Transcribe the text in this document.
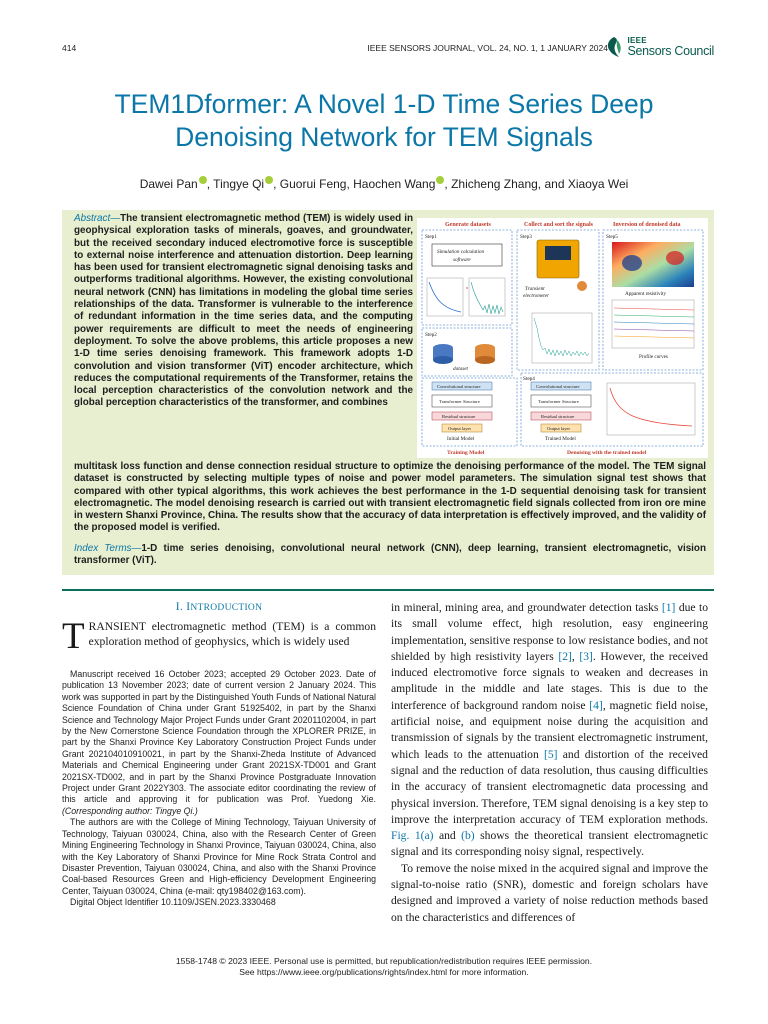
414	IEEE SENSORS JOURNAL, VOL. 24, NO. 1, 1 JANUARY 2024
IEEE
Sensors Council
TEM1Dformer: A Novel 1-D Time Series Deep
Denoising Network for TEM Signals
Dawei Pan , Tingye Qi , Guorui Feng, Haochen Wang , Zhicheng Zhang, and Xiaoya Wei
Abstract—The transient electromagnetic method (TEM) is widely used in geophysical exploration tasks of minerals, goaves, and groundwater, but the received secondary induced electromotive force is susceptible to external noise interference and attenuation distortion. Deep learning has been used for transient electromagnetic signal denoising tasks and outperforms traditional algorithms. However, the existing convolutional neural network (CNN) has limitations in modeling the global time series relationships of the data. Transformer is vulnerable to the interference of redundant information in the time series data, and the computing power requirements are difficult to meet the needs of engineering deployment. To solve the above problems, this article proposes a new 1-D time series denoising framework. This framework adopts 1-D convolution and vision transformer (ViT) encoder architecture, which reduces the computational requirements of the Transformer, retains the local perception characteristics of the convolution network and the global perception characteristics of the transformer, and combines
Generate datasets	Collect and sort the signals	Inversion of denoised data
Step1
Simulation calculation
software
Step2
dataset
Step3
Transient
electrometer
Step5
Apparent resistivity
Profile curves
Convolutional structure
Transformer Structure
Residual structure
Output layer
Initial Model
Step4
Convolutional structure
Transformer Structure
Residual structure
Output layer
Trained Model
Training Model	Denoising with the trained model
multitask loss function and dense connection residual structure to optimize the denoising performance of the model. The TEM signal dataset is constructed by selecting multiple types of noise and power model parameters. The simulation signal test shows that compared with other typical algorithms, this work achieves the best performance in the 1-D sequential denoising task for transient electromagnetic. The model denoising research is carried out with transient electromagnetic field signals collected from iron ore mine in western Shanxi Province, China. The results show that the accuracy of data interpretation is effectively improved, and the validity of the proposed model is verified.
Index Terms—1-D time series denoising, convolutional neural network (CNN), deep learning, transient electromagnetic, vision transformer (ViT).
I. INTRODUCTION
TRANSIENT electromagnetic method (TEM) is a common exploration method of geophysics, which is widely used

Manuscript received 16 October 2023; accepted 29 October 2023. Date of publication 13 November 2023; date of current version 2 January 2024. This work was supported in part by the Distinguished Youth Funds of National Natural Science Foundation of China under Grant 51925402, in part by the Shanxi Science and Technology Major Project Funds under Grant 20201102004, in part by the New Cornerstone Science Foundation through the XPLORER PRIZE, in part by the Shanxi Province Key Laboratory Construction Project Funds under Grant 202104010910021, in part by the Shanxi-Zheda Institute of Advanced Materials and Chemical Engineering under Grant 2021SX-TD001 and Grant 2021SX-TD002, and in part by the Shanxi Province Postgraduate Innovation Project under Grant 2022Y303. The associate editor coordinating the review of this article and approving it for publication was Prof. Yuedong Xie. (Corresponding author: Tingye Qi.)

The authors are with the College of Mining Technology, Taiyuan University of Technology, Taiyuan 030024, China, also with the Research Center of Green Mining Engineering Technology in Shanxi Province, Taiyuan 030024, China, also with the Key Laboratory of Shanxi Province for Mine Rock Strata Control and Disaster Prevention, Taiyuan 030024, China, and also with the Shanxi Province Coal-based Resources Green and High-efficiency Development Engineering Center, Taiyuan 030024, China (e-mail: qty198402@163.com).

Digital Object Identifier 10.1109/JSEN.2023.3330468

in mineral, mining area, and groundwater detection tasks [1] due to its small volume effect, high resolution, easy engineering implementation, sensitive response to low resistance bodies, and not shielded by high resistivity layers [2], [3]. However, the received induced electromotive force signals to weaken and decreases in amplitude in the middle and late stages. This is due to the interference of background random noise [4], magnetic field noise, artificial noise, and equipment noise during the acquisition and transmission of signals by the transient electromagnetic instrument, which leads to the attenuation [5] and distortion of the received signal and the reduction of data resolution, thus causing difficulties in the accuracy of transient electromagnetic data processing and physical inversion. Therefore, TEM signal denoising is a key step to improve the interpretation accuracy of TEM exploration methods. Fig. 1(a) and (b) shows the theoretical transient electromagnetic signal and its corresponding noisy signal, respectively.

To remove the noise mixed in the acquired signal and improve the signal-to-noise ratio (SNR), domestic and foreign scholars have designed and improved a variety of noise reduction methods based on the characteristics and differences of

1558-1748 © 2023 IEEE. Personal use is permitted, but republication/redistribution requires IEEE permission.
See https://www.ieee.org/publications/rights/index.html for more information.
